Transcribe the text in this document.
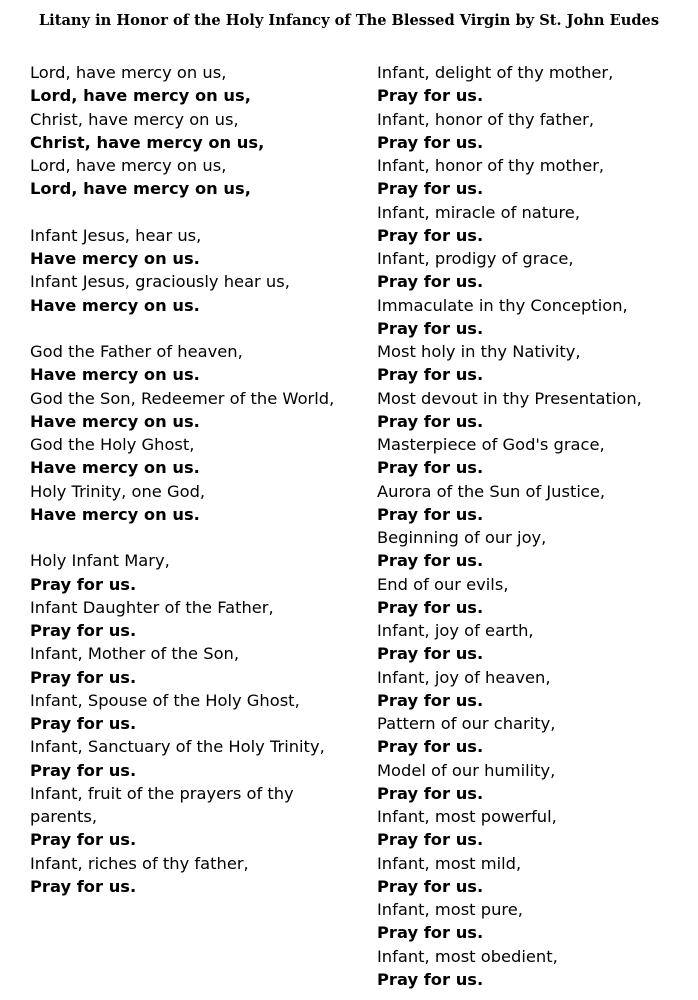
Litany in Honor of the Holy Infancy of The Blessed Virgin by St. John Eudes
Lord, have mercy on us,
Lord, have mercy on us,
Christ, have mercy on us,
Christ, have mercy on us,
Lord, have mercy on us,
Lord, have mercy on us,
Infant Jesus, hear us,
Have mercy on us.
Infant Jesus, graciously hear us,
Have mercy on us.
God the Father of heaven,
Have mercy on us.
God the Son, Redeemer of the World,
Have mercy on us.
God the Holy Ghost,
Have mercy on us.
Holy Trinity, one God,
Have mercy on us.
Holy Infant Mary,
Pray for us.
Infant Daughter of the Father,
Pray for us.
Infant, Mother of the Son,
Pray for us.
Infant, Spouse of the Holy Ghost,
Pray for us.
Infant, Sanctuary of the Holy Trinity,
Pray for us.
Infant, fruit of the prayers of thy
parents,
Pray for us.
Infant, riches of thy father,
Pray for us.
Infant, delight of thy mother,
Pray for us.
Infant, honor of thy father,
Pray for us.
Infant, honor of thy mother,
Pray for us.
Infant, miracle of nature,
Pray for us.
Infant, prodigy of grace,
Pray for us.
Immaculate in thy Conception,
Pray for us.
Most holy in thy Nativity,
Pray for us.
Most devout in thy Presentation,
Pray for us.
Masterpiece of God's grace,
Pray for us.
Aurora of the Sun of Justice,
Pray for us.
Beginning of our joy,
Pray for us.
End of our evils,
Pray for us.
Infant, joy of earth,
Pray for us.
Infant, joy of heaven,
Pray for us.
Pattern of our charity,
Pray for us.
Model of our humility,
Pray for us.
Infant, most powerful,
Pray for us.
Infant, most mild,
Pray for us.
Infant, most pure,
Pray for us.
Infant, most obedient,
Pray for us.
